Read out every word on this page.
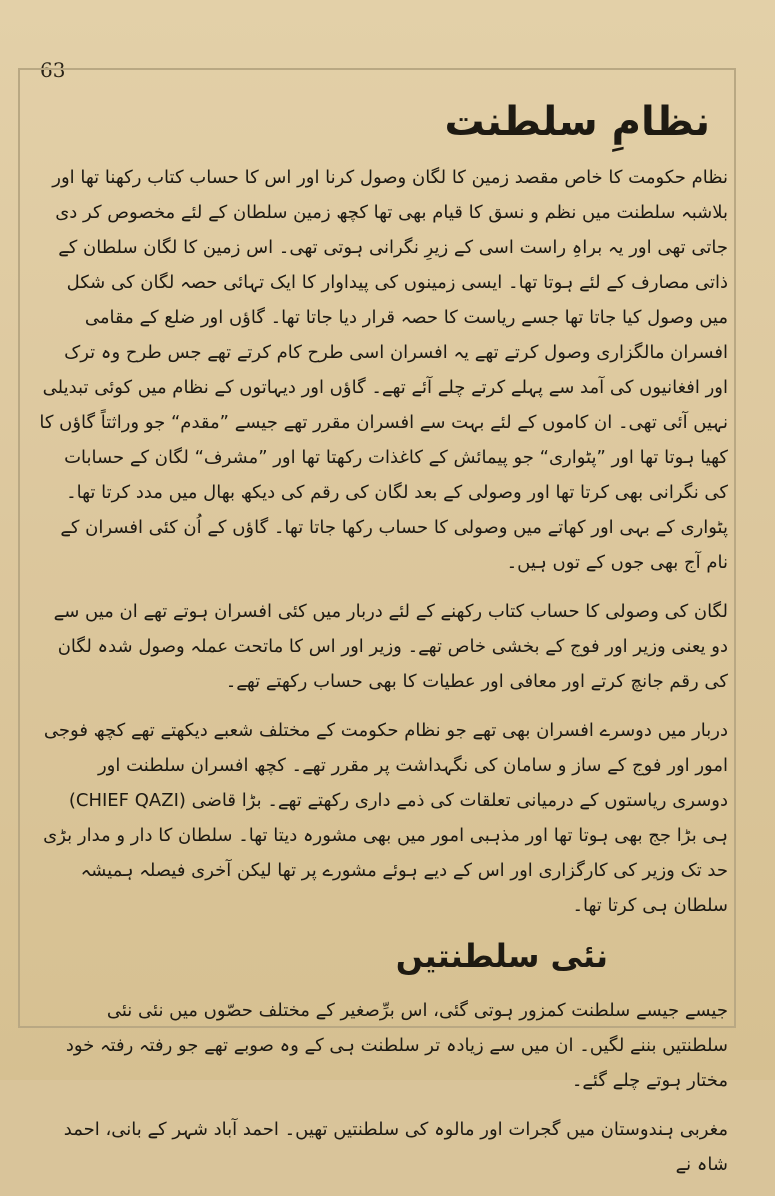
63
نظامِ سلطنت

نظام حکومت کا خاص مقصد زمین کا لگان وصول کرنا اور اس کا حساب کتاب رکھنا تھا اور بلاشبہ سلطنت میں نظم و نسق کا قیام بھی تھا کچھ زمین سلطان کے لئے مخصوص کر دی جاتی تھی اور یہ براہِ راست اسی کے زیرِ نگرانی ہوتی تھی۔ اس زمین کا لگان سلطان کے ذاتی مصارف کے لئے ہوتا تھا۔ ایسی زمینوں کی پیداوار کا ایک تہائی حصہ لگان کی شکل میں وصول کیا جاتا تھا جسے ریاست کا حصہ قرار دیا جاتا تھا۔ گاؤں اور ضلع کے مقامی افسران مالگزاری وصول کرتے تھے یہ افسران اسی طرح کام کرتے تھے جس طرح وہ ترک اور افغانیوں کی آمد سے پہلے کرتے چلے آئے تھے۔ گاؤں اور دیہاتوں کے نظام میں کوئی تبدیلی نہیں آئی تھی۔ ان کاموں کے لئے بہت سے افسران مقرر تھے جیسے ”مقدم“ جو وراثتاً گاؤں کا کھیا ہوتا تھا اور ”پٹواری“ جو پیمائش کے کاغذات رکھتا تھا اور ”مشرف“ لگان کے حسابات کی نگرانی بھی کرتا تھا اور وصولی کے بعد لگان کی رقم کی دیکھ بھال میں مدد کرتا تھا۔ پٹواری کے بہی اور کھاتے میں وصولی کا حساب رکھا جاتا تھا۔ گاؤں کے اُن کئی افسران کے نام آج بھی جوں کے توں ہیں۔

لگان کی وصولی کا حساب کتاب رکھنے کے لئے دربار میں کئی افسران ہوتے تھے ان میں سے دو یعنی وزیر اور فوج کے بخشی خاص تھے۔ وزیر اور اس کا ماتحت عملہ وصول شدہ لگان کی رقم جانچ کرتے اور معافی اور عطیات کا بھی حساب رکھتے تھے۔

دربار میں دوسرے افسران بھی تھے جو نظام حکومت کے مختلف شعبے دیکھتے تھے کچھ فوجی امور اور فوج کے ساز و سامان کی نگہداشت پر مقرر تھے۔ کچھ افسران سلطنت اور دوسری ریاستوں کے درمیانی تعلقات کی ذمے داری رکھتے تھے۔ بڑا قاضی (CHIEF QAZI) ہی بڑا جج بھی ہوتا تھا اور مذہبی امور میں بھی مشورہ دیتا تھا۔ سلطان کا دار و مدار بڑی حد تک وزیر کی کارگزاری اور اس کے دیے ہوئے مشورے پر تھا لیکن آخری فیصلہ ہمیشہ سلطان ہی کرتا تھا۔

نئی سلطنتیں

جیسے جیسے سلطنت کمزور ہوتی گئی، اس برِّصغیر کے مختلف حصّوں میں نئی نئی سلطنتیں بننے لگیں۔ ان میں سے زیادہ تر سلطنت ہی کے وہ صوبے تھے جو رفتہ رفتہ خود مختار ہوتے چلے گئے۔

مغربی ہندوستان میں گجرات اور مالوہ کی سلطنتیں تھیں۔ احمد آباد شہر کے بانی، احمد شاہ نے
